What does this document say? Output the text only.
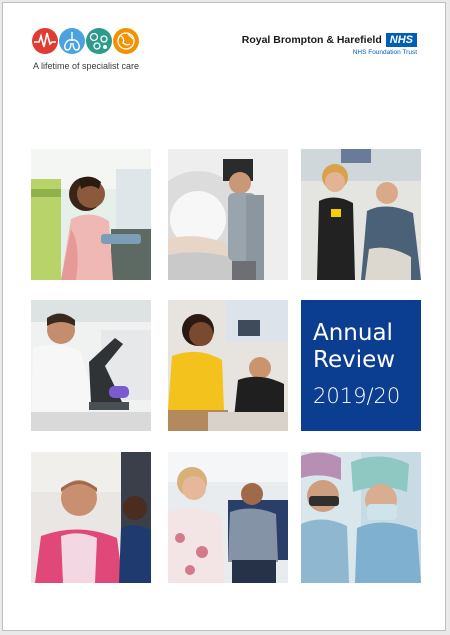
A lifetime of specialist care
Royal Brompton & Harefield NHS
NHS Foundation Trust
Annual
Review
2019/20
